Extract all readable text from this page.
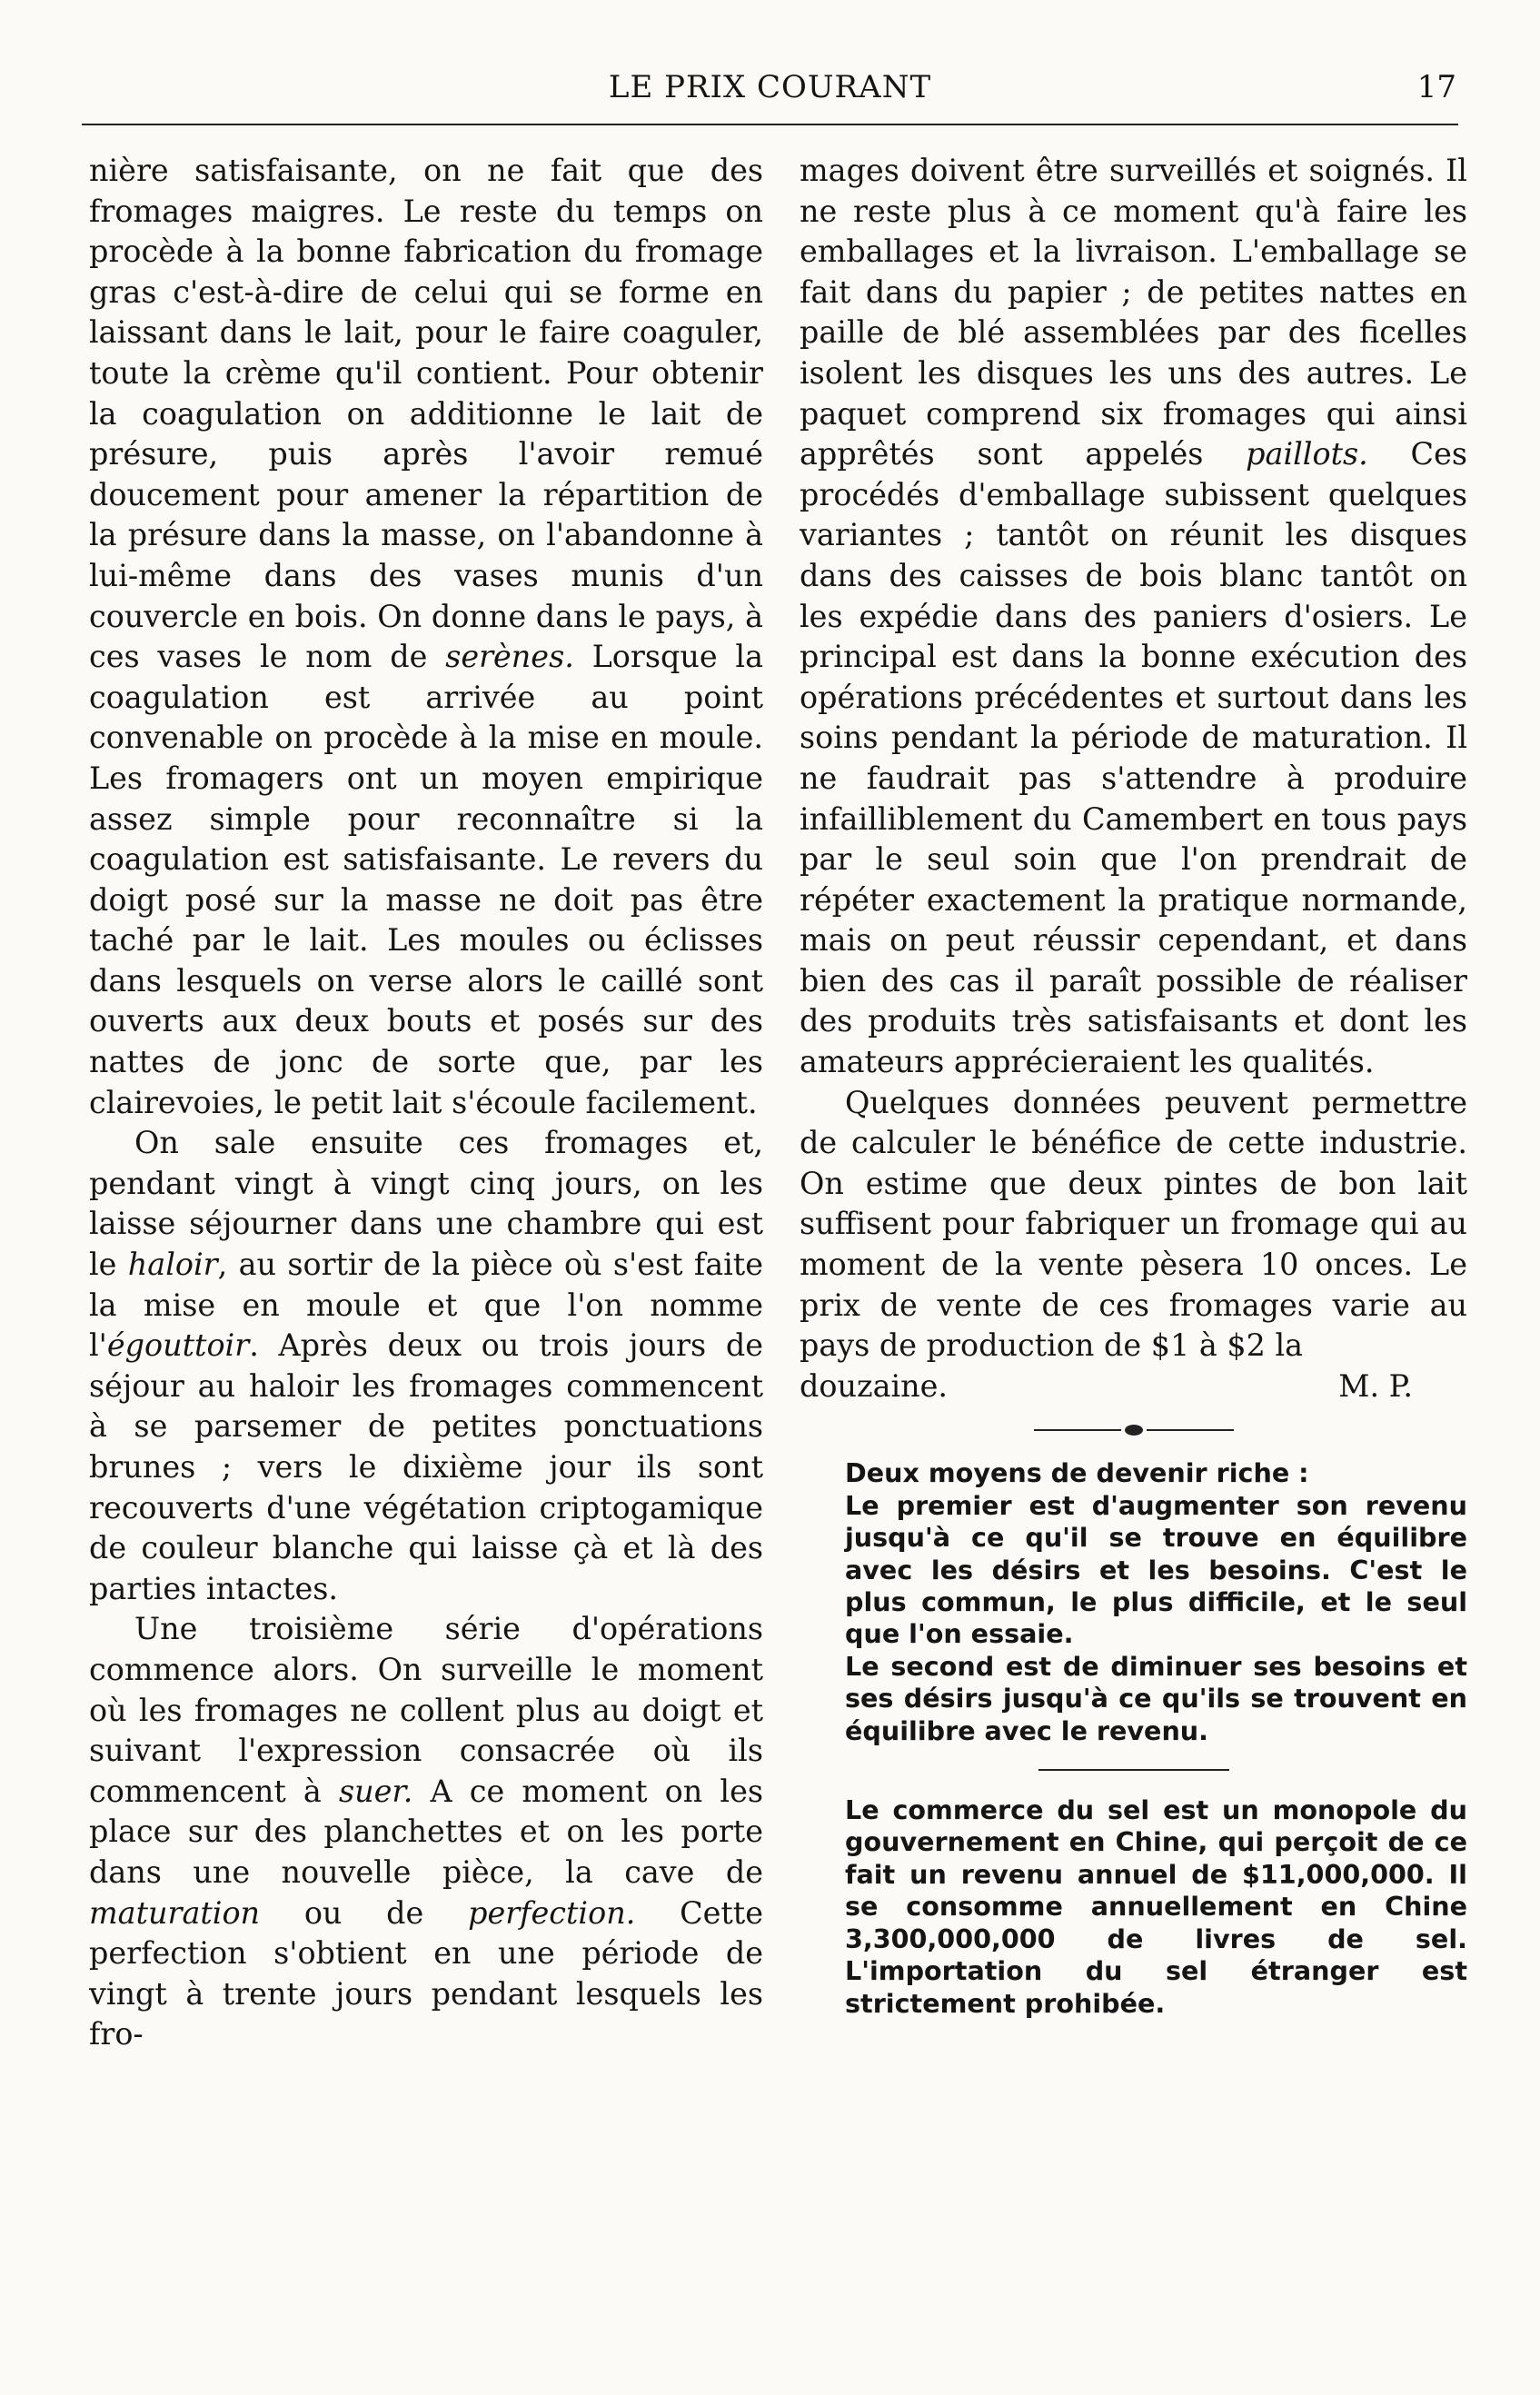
LE PRIX COURANT	17

nière satisfaisante, on ne fait que des fromages maigres. Le reste du temps on procède à la bonne fabrication du fromage gras c'est-à-dire de celui qui se forme en laissant dans le lait, pour le faire coaguler, toute la crème qu'il contient. Pour obtenir la coagulation on additionne le lait de présure, puis après l'avoir remué doucement pour amener la répartition de la présure dans la masse, on l'abandonne à lui-même dans des vases munis d'un couvercle en bois. On donne dans le pays, à ces vases le nom de serènes. Lorsque la coagulation est arrivée au point convenable on procède à la mise en moule. Les fromagers ont un moyen empirique assez simple pour reconnaître si la coagulation est satisfaisante. Le revers du doigt posé sur la masse ne doit pas être taché par le lait. Les moules ou éclisses dans lesquels on verse alors le caillé sont ouverts aux deux bouts et posés sur des nattes de jonc de sorte que, par les clairevoies, le petit lait s'écoule facilement.

On sale ensuite ces fromages et, pendant vingt à vingt cinq jours, on les laisse séjourner dans une chambre qui est le haloir, au sortir de la pièce où s'est faite la mise en moule et que l'on nomme l'égouttoir. Après deux ou trois jours de séjour au haloir les fromages commencent à se parsemer de petites ponctuations brunes ; vers le dixième jour ils sont recouverts d'une végétation criptogamique de couleur blanche qui laisse çà et là des parties intactes.

Une troisième série d'opérations commence alors. On surveille le moment où les fromages ne collent plus au doigt et suivant l'expression consacrée où ils commencent à suer. A ce moment on les place sur des planchettes et on les porte dans une nouvelle pièce, la cave de maturation ou de perfection. Cette perfection s'obtient en une période de vingt à trente jours pendant lesquels les fro-

mages doivent être surveillés et soignés. Il ne reste plus à ce moment qu'à faire les emballages et la livraison. L'emballage se fait dans du papier ; de petites nattes en paille de blé assemblées par des ficelles isolent les disques les uns des autres. Le paquet comprend six fromages qui ainsi apprêtés sont appelés paillots. Ces procédés d'emballage subissent quelques variantes ; tantôt on réunit les disques dans des caisses de bois blanc tantôt on les expédie dans des paniers d'osiers. Le principal est dans la bonne exécution des opérations précédentes et surtout dans les soins pendant la période de maturation. Il ne faudrait pas s'attendre à produire infailliblement du Camembert en tous pays par le seul soin que l'on prendrait de répéter exactement la pratique normande, mais on peut réussir cependant, et dans bien des cas il paraît possible de réaliser des produits très satisfaisants et dont les amateurs apprécieraient les qualités.

Quelques données peuvent permettre de calculer le bénéfice de cette industrie. On estime que deux pintes de bon lait suffisent pour fabriquer un fromage qui au moment de la vente pèsera 10 onces. Le prix de vente de ces fromages varie au pays de production de $1 à $2 la

douzaine.	M. P.

Deux moyens de devenir riche :

Le premier est d'augmenter son revenu jusqu'à ce qu'il se trouve en équilibre avec les désirs et les besoins. C'est le plus commun, le plus difficile, et le seul que l'on essaie.

Le second est de diminuer ses besoins et ses désirs jusqu'à ce qu'ils se trouvent en équilibre avec le revenu.

Le commerce du sel est un monopole du gouvernement en Chine, qui perçoit de ce fait un revenu annuel de $11,000,000. Il se consomme annuellement en Chine 3,300,000,000 de livres de sel. L'importation du sel étranger est strictement prohibée.
